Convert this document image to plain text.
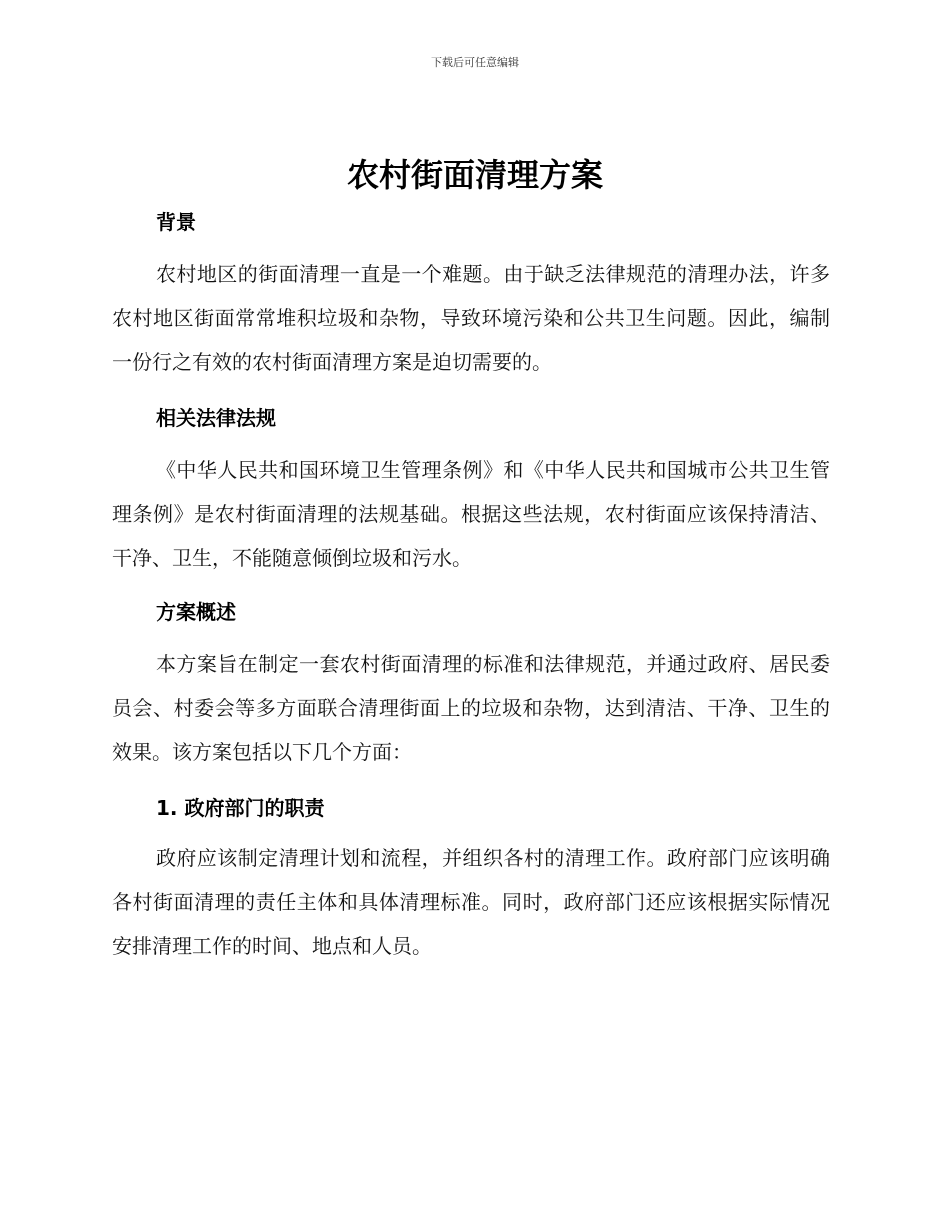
下载后可任意编辑
农村街面清理方案
背景

农村地区的街面清理一直是一个难题。由于缺乏法律规范的清理办法，许多农村地区街面常常堆积垃圾和杂物，导致环境污染和公共卫生问题。因此，编制一份行之有效的农村街面清理方案是迫切需要的。

相关法律法规

《中华人民共和国环境卫生管理条例》和《中华人民共和国城市公共卫生管理条例》是农村街面清理的法规基础。根据这些法规，农村街面应该保持清洁、干净、卫生，不能随意倾倒垃圾和污水。

方案概述

本方案旨在制定一套农村街面清理的标准和法律规范，并通过政府、居民委员会、村委会等多方面联合清理街面上的垃圾和杂物，达到清洁、干净、卫生的效果。该方案包括以下几个方面：

1. 政府部门的职责

政府应该制定清理计划和流程，并组织各村的清理工作。政府部门应该明确各村街面清理的责任主体和具体清理标准。同时，政府部门还应该根据实际情况安排清理工作的时间、地点和人员。
